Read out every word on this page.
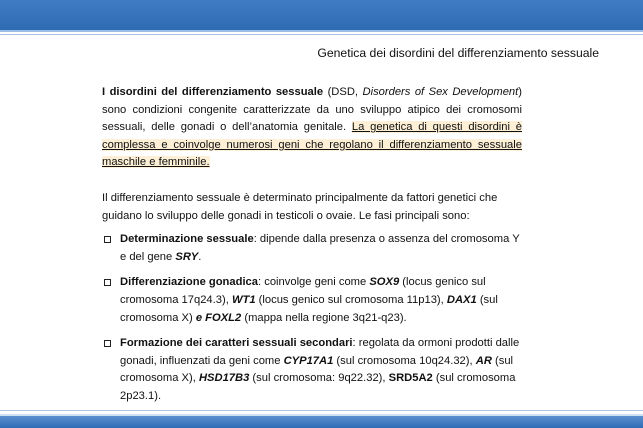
Genetica dei disordini del differenziamento sessuale

I disordini del differenziamento sessuale (DSD, Disorders of Sex Development) sono condizioni congenite caratterizzate da uno sviluppo atipico dei cromosomi sessuali, delle gonadi o dell’anatomia genitale. La genetica di questi disordini è complessa e coinvolge numerosi geni che regolano il differenziamento sessuale maschile e femminile.

Il differenziamento sessuale è determinato principalmente da fattori genetici che guidano lo sviluppo delle gonadi in testicoli o ovaie. Le fasi principali sono:

Determinazione sessuale: dipende dalla presenza o assenza del cromosoma Y e del gene SRY.
Differenziazione gonadica: coinvolge geni come SOX9 (locus genico sul cromosoma 17q24.3), WT1 (locus genico sul cromosoma 11p13), DAX1 (sul cromosoma X) e FOXL2 (mappa nella regione 3q21-q23).
Formazione dei caratteri sessuali secondari: regolata da ormoni prodotti dalle gonadi, influenzati da geni come CYP17A1 (sul cromosoma 10q24.32), AR (sul cromosoma X), HSD17B3 (sul cromosoma: 9q22.32), SRD5A2 (sul cromosoma 2p23.1).
